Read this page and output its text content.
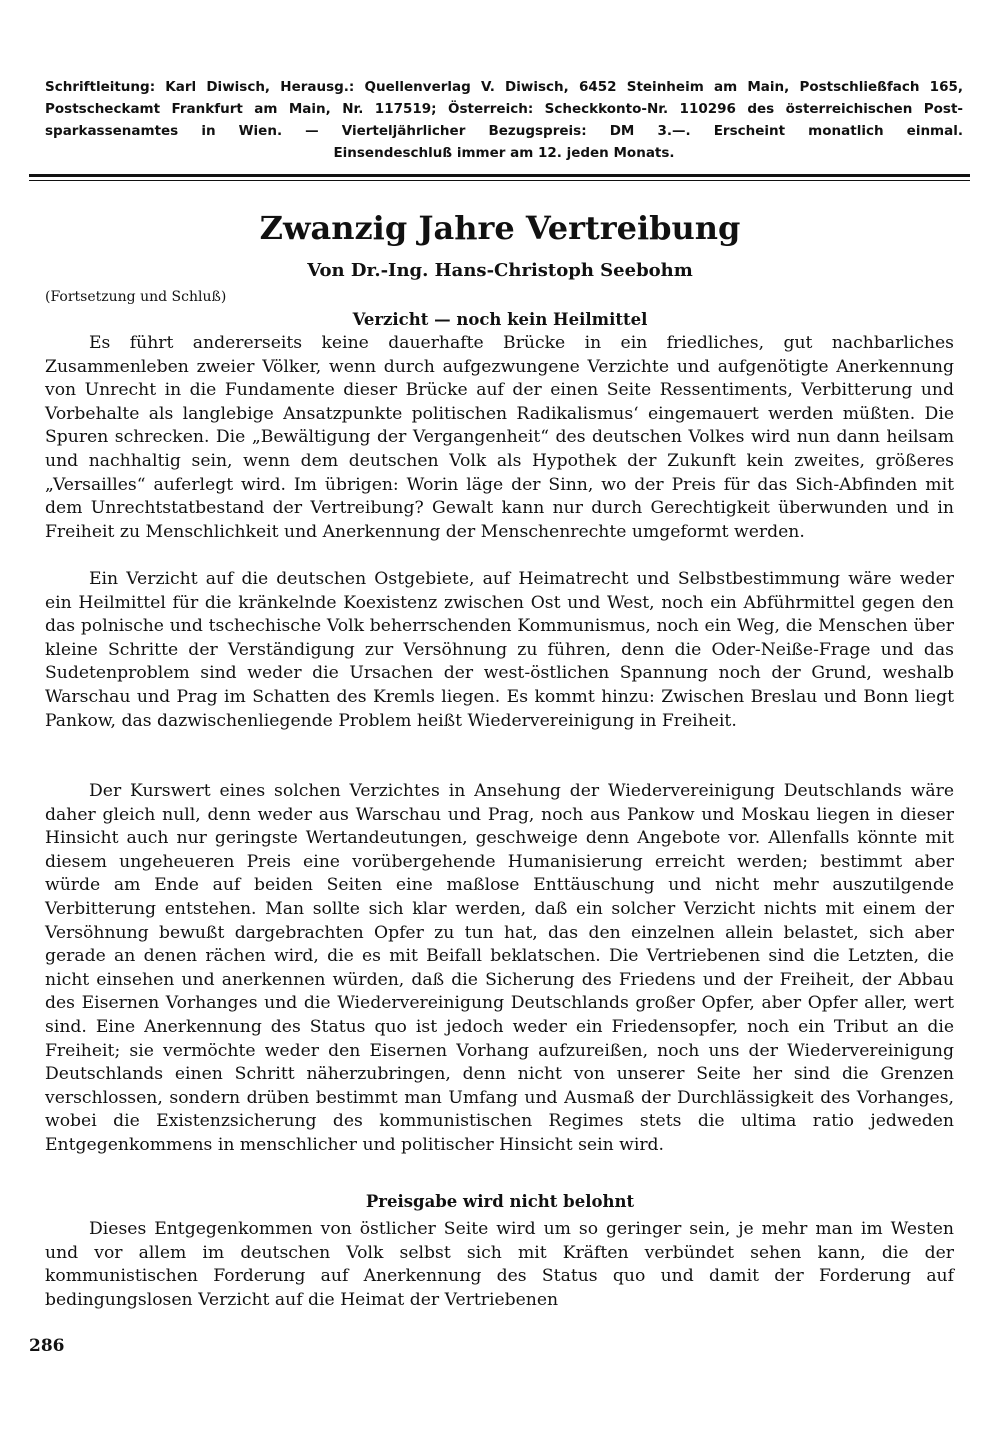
Schriftleitung: Karl Diwisch, Herausg.: Quellenverlag V. Diwisch, 6452 Steinheim am Main, Postschließfach 165,
Postscheckamt Frankfurt am Main, Nr. 117519; Österreich: Scheckkonto-Nr. 110296 des österreichischen Post-
sparkassenamtes in Wien. — Vierteljährlicher Bezugspreis: DM 3.—. Erscheint monatlich einmal.
Einsendeschluß immer am 12. jeden Monats.
Zwanzig Jahre Vertreibung
Von Dr.-Ing. Hans-Christoph Seebohm
(Fortsetzung und Schluß)
Verzicht — noch kein Heilmittel

Es führt andererseits keine dauerhafte Brücke in ein friedliches, gut nachbarliches Zusammenleben zweier Völker, wenn durch aufgezwungene Verzichte und aufgenötigte Anerkennung von Unrecht in die Fundamente dieser Brücke auf der einen Seite Ressentiments, Verbitterung und Vorbehalte als langlebige Ansatzpunkte politischen Radikalismus‘ eingemauert werden müßten. Die Spuren schrecken. Die „Bewältigung der Vergangenheit“ des deutschen Volkes wird nun dann heilsam und nachhaltig sein, wenn dem deutschen Volk als Hypothek der Zukunft kein zweites, größeres „Versailles“ auferlegt wird. Im übrigen: Worin läge der Sinn, wo der Preis für das Sich-Abfinden mit dem Unrechtstatbestand der Vertreibung? Gewalt kann nur durch Gerechtigkeit überwunden und in Freiheit zu Menschlichkeit und Anerkennung der Menschenrechte umgeformt werden.

Ein Verzicht auf die deutschen Ostgebiete, auf Heimatrecht und Selbstbestimmung wäre weder ein Heilmittel für die kränkelnde Koexistenz zwischen Ost und West, noch ein Abführmittel gegen den das polnische und tschechische Volk beherrschenden Kommunismus, noch ein Weg, die Menschen über kleine Schritte der Verständigung zur Versöhnung zu führen, denn die Oder-Neiße-Frage und das Sudetenproblem sind weder die Ursachen der west-östlichen Spannung noch der Grund, weshalb Warschau und Prag im Schatten des Kremls liegen. Es kommt hinzu: Zwischen Breslau und Bonn liegt Pankow, das dazwischenliegende Problem heißt Wiedervereinigung in Freiheit.

Der Kurswert eines solchen Verzichtes in Ansehung der Wiedervereinigung Deutschlands wäre daher gleich null, denn weder aus Warschau und Prag, noch aus Pankow und Moskau liegen in dieser Hinsicht auch nur geringste Wertandeutungen, geschweige denn Angebote vor. Allenfalls könnte mit diesem ungeheueren Preis eine vorübergehende Humanisierung erreicht werden; bestimmt aber würde am Ende auf beiden Seiten eine maßlose Enttäuschung und nicht mehr auszutilgende Verbitterung entstehen. Man sollte sich klar werden, daß ein solcher Verzicht nichts mit einem der Versöhnung bewußt dargebrachten Opfer zu tun hat, das den einzelnen allein belastet, sich aber gerade an denen rächen wird, die es mit Beifall beklatschen. Die Vertriebenen sind die Letzten, die nicht einsehen und anerkennen würden, daß die Sicherung des Friedens und der Freiheit, der Abbau des Eisernen Vorhanges und die Wiedervereinigung Deutschlands großer Opfer, aber Opfer aller, wert sind. Eine Anerkennung des Status quo ist jedoch weder ein Friedensopfer, noch ein Tribut an die Freiheit; sie vermöchte weder den Eisernen Vorhang aufzureißen, noch uns der Wiedervereinigung Deutschlands einen Schritt näherzubringen, denn nicht von unserer Seite her sind die Grenzen verschlossen, sondern drüben bestimmt man Umfang und Ausmaß der Durchlässigkeit des Vorhanges, wobei die Existenzsicherung des kommunistischen Regimes stets die ultima ratio jedweden Entgegenkommens in menschlicher und politischer Hinsicht sein wird.

Preisgabe wird nicht belohnt

Dieses Entgegenkommen von östlicher Seite wird um so geringer sein, je mehr man im Westen und vor allem im deutschen Volk selbst sich mit Kräften verbündet sehen kann, die der kommunistischen Forderung auf Anerkennung des Status quo und damit der Forderung auf bedingungslosen Verzicht auf die Heimat der Vertriebenen

286
